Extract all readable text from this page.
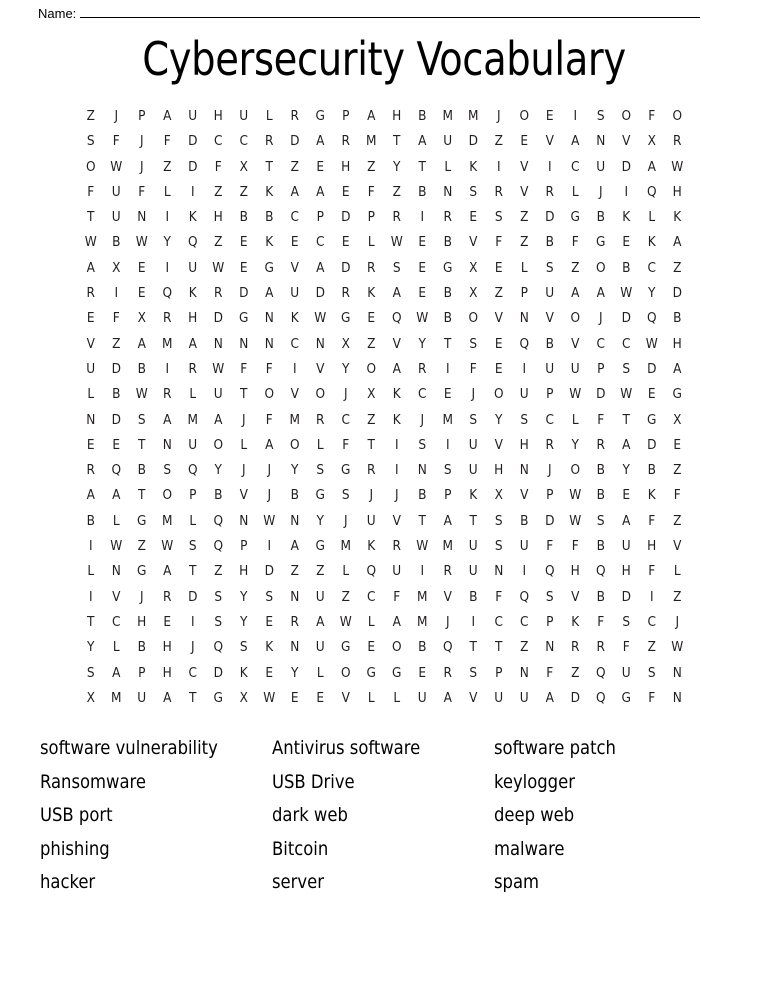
Name:
Cybersecurity Vocabulary
Z	J	P	A	U	H	U	L	R	G	P	A	H	B	M	M	J	O	E	I	S	O	F	O
S	F	J	F	D	C	C	R	D	A	R	M	T	A	U	D	Z	E	V	A	N	V	X	R
O	W	J	Z	D	F	X	T	Z	E	H	Z	Y	T	L	K	I	V	I	C	U	D	A	W
F	U	F	L	I	Z	Z	K	A	A	E	F	Z	B	N	S	R	V	R	L	J	I	Q	H
T	U	N	I	K	H	B	B	C	P	D	P	R	I	R	E	S	Z	D	G	B	K	L	K
W	B	W	Y	Q	Z	E	K	E	C	E	L	W	E	B	V	F	Z	B	F	G	E	K	A
A	X	E	I	U	W	E	G	V	A	D	R	S	E	G	X	E	L	S	Z	O	B	C	Z
R	I	E	Q	K	R	D	A	U	D	R	K	A	E	B	X	Z	P	U	A	A	W	Y	D
E	F	X	R	H	D	G	N	K	W	G	E	Q	W	B	O	V	N	V	O	J	D	Q	B
V	Z	A	M	A	N	N	N	C	N	X	Z	V	Y	T	S	E	Q	B	V	C	C	W	H
U	D	B	I	R	W	F	F	I	V	Y	O	A	R	I	F	E	I	U	U	P	S	D	A
L	B	W	R	L	U	T	O	V	O	J	X	K	C	E	J	O	U	P	W	D	W	E	G
N	D	S	A	M	A	J	F	M	R	C	Z	K	J	M	S	Y	S	C	L	F	T	G	X
E	E	T	N	U	O	L	A	O	L	F	T	I	S	I	U	V	H	R	Y	R	A	D	E
R	Q	B	S	Q	Y	J	J	Y	S	G	R	I	N	S	U	H	N	J	O	B	Y	B	Z
A	A	T	O	P	B	V	J	B	G	S	J	J	B	P	K	X	V	P	W	B	E	K	F
B	L	G	M	L	Q	N	W	N	Y	J	U	V	T	A	T	S	B	D	W	S	A	F	Z
I	W	Z	W	S	Q	P	I	A	G	M	K	R	W	M	U	S	U	F	F	B	U	H	V
L	N	G	A	T	Z	H	D	Z	Z	L	Q	U	I	R	U	N	I	Q	H	Q	H	F	L
I	V	J	R	D	S	Y	S	N	U	Z	C	F	M	V	B	F	Q	S	V	B	D	I	Z
T	C	H	E	I	S	Y	E	R	A	W	L	A	M	J	I	C	C	P	K	F	S	C	J
Y	L	B	H	J	Q	S	K	N	U	G	E	O	B	Q	T	T	Z	N	R	R	F	Z	W
S	A	P	H	C	D	K	E	Y	L	O	G	G	E	R	S	P	N	F	Z	Q	U	S	N
X	M	U	A	T	G	X	W	E	E	V	L	L	U	A	V	U	U	A	D	Q	G	F	N
software vulnerability
Ransomware
USB port
phishing
hacker
Antivirus software
USB Drive
dark web
Bitcoin
server
software patch
keylogger
deep web
malware
spam
